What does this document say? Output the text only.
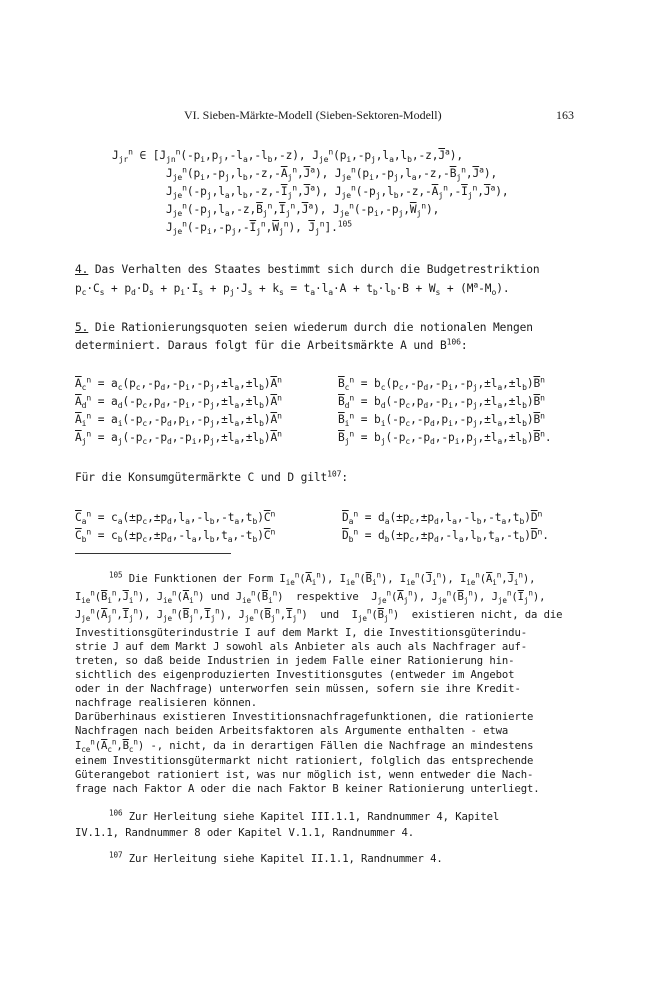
VI. Sieben-Märkte-Modell (Sieben-Sektoren-Modell)	163
$J_{jr}^n$ ∈ [$J_{jn}^n(-p_i,p_j,-l_a,-l_b,-z)$, $J_{je}^n(p_i,-p_j,l_a,l_b,-z,\overline{J}^a)$,
$J_{je}^n(p_i,-p_j,l_b,-z,-\overline{A}_j^n,\overline{J}^a)$, $J_{je}^n(p_i,-p_j,l_a,-z,-\overline{B}_j^n,\overline{J}^a)$,
$J_{je}^n(-p_j,l_a,l_b,-z,-\overline{I}_j^n,\overline{J}^a)$, $J_{je}^n(-p_j,l_b,-z,-\overline{A}_j^n,-\overline{I}_j^n,\overline{J}^a)$,
$J_{je}^n(-p_j,l_a,-z,\overline{B}_j^n,\overline{I}_j^n,\overline{J}^a)$, $J_{je}^n(-p_i,-p_j,\overline{W}_j^n)$,
$J_{je}^n(-p_i,-p_j,-\overline{I}_j^n,\overline{W}_j^n)$, $\overline{J}_j^n].^{105}$
4. Das Verhalten des Staates bestimmt sich durch die Budgetrestriktion
$p_c\cdot C_s + p_d\cdot D_s + p_i\cdot I_s + p_j\cdot J_s + k_s = t_a\cdot l_a\cdot A + t_b\cdot l_b\cdot B + W_s + (M^a-M_o)$.
5. Die Rationierungsquoten seien wiederum durch die notionalen Mengen
determiniert. Daraus folgt für die Arbeitsmärkte A und $B^{106}$:
$\overline{A}_c^n = a_c(p_c,-p_d,-p_i,-p_j,\pm l_a,\pm l_b)\overline{A}^n$	$\overline{B}_c^n = b_c(p_c,-p_d,-p_i,-p_j,\pm l_a,\pm l_b)\overline{B}^n$
$\overline{A}_d^n = a_d(-p_c,p_d,-p_i,-p_j,\pm l_a,\pm l_b)\overline{A}^n$	$\overline{B}_d^n = b_d(-p_c,p_d,-p_i,-p_j,\pm l_a,\pm l_b)\overline{B}^n$
$\overline{A}_i^n = a_i(-p_c,-p_d,p_i,-p_j,\pm l_a,\pm l_b)\overline{A}^n$	$\overline{B}_i^n = b_i(-p_c,-p_d,p_i,-p_j,\pm l_a,\pm l_b)\overline{B}^n$
$\overline{A}_j^n = a_j(-p_c,-p_d,-p_i,p_j,\pm l_a,\pm l_b)\overline{A}^n$	$\overline{B}_j^n = b_j(-p_c,-p_d,-p_i,p_j,\pm l_a,\pm l_b)\overline{B}^n$.
Für die Konsumgütermärkte C und D gilt$^{107}$:
$\overline{C}_a^n = c_a(\pm p_c,\pm p_d,l_a,-l_b,-t_a,t_b)\overline{C}^n$	$\overline{D}_a^n = d_a(\pm p_c,\pm p_d,l_a,-l_b,-t_a,t_b)\overline{D}^n$
$\overline{C}_b^n = c_b(\pm p_c,\pm p_d,-l_a,l_b,t_a,-t_b)\overline{C}^n$	$\overline{D}_b^n = d_b(\pm p_c,\pm p_d,-l_a,l_b,t_a,-t_b)\overline{D}^n$.
$^{105}$ Die Funktionen der Form $I_{ie}^n(\overline{A}_i^n)$, $I_{ie}^n(\overline{B}_i^n)$, $I_{ie}^n(\overline{J}_i^n)$, $I_{ie}^n(\overline{A}_i^n,\overline{J}_i^n)$,
$I_{ie}^n(\overline{B}_i^n,\overline{J}_i^n)$, $J_{ie}^n(\overline{A}_i^n)$ und $J_{ie}^n(\overline{B}_i^n)$  respektive  $J_{je}^n(\overline{A}_j^n)$, $J_{je}^n(\overline{B}_j^n)$, $J_{je}^n(\overline{I}_j^n)$,
$J_{je}^n(\overline{A}_j^n,\overline{I}_j^n)$, $J_{je}^n(\overline{B}_j^n,\overline{I}_j^n)$, $J_{je}^n(\overline{B}_j^n,\overline{I}_j^n)$  und  $I_{je}^n(\overline{B}_j^n)$  existieren nicht, da die
Investitionsgüterindustrie I auf dem Markt I, die Investitionsgüterindu-
strie J auf dem Markt J sowohl als Anbieter als auch als Nachfrager auf-
treten, so daß beide Industrien in jedem Falle einer Rationierung hin-
sichtlich des eigenproduzierten Investitionsgutes (entweder im Angebot
oder in der Nachfrage) unterworfen sein müssen, sofern sie ihre Kredit-
nachfrage realisieren können.
Darüberhinaus existieren Investitionsnachfragefunktionen, die rationierte
Nachfragen nach beiden Arbeitsfaktoren als Argumente enthalten - etwa
$I_{ce}^n(\overline{A}_c^n,\overline{B}_c^n)$ -, nicht, da in derartigen Fällen die Nachfrage an mindestens
einem Investitionsgütermarkt nicht rationiert, folglich das entsprechende
Güterangebot rationiert ist, was nur möglich ist, wenn entweder die Nach-
frage nach Faktor A oder die nach Faktor B keiner Rationierung unterliegt.
$^{106}$ Zur Herleitung siehe Kapitel III.1.1, Randnummer 4, Kapitel
IV.1.1, Randnummer 8 oder Kapitel V.1.1, Randnummer 4.
$^{107}$ Zur Herleitung siehe Kapitel II.1.1, Randnummer 4.
